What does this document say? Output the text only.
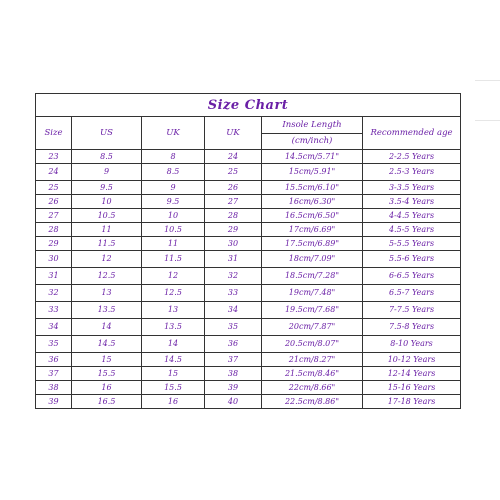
Size Chart					
Size	US	UK	UK	Insole Length	Recommended age
				(cm/inch)	
23	8.5	8	24	14.5cm/5.71"	2-2.5 Years
24	9	8.5	25	15cm/5.91"	2.5-3 Years
25	9.5	9	26	15.5cm/6.10"	3-3.5 Years
26	10	9.5	27	16cm/6.30"	3.5-4 Years
27	10.5	10	28	16.5cm/6.50"	4-4.5 Years
28	11	10.5	29	17cm/6.69"	4.5-5 Years
29	11.5	11	30	17.5cm/6.89"	5-5.5 Years
30	12	11.5	31	18cm/7.09"	5.5-6 Years
31	12.5	12	32	18.5cm/7.28"	6-6.5 Years
32	13	12.5	33	19cm/7.48"	6.5-7 Years
33	13.5	13	34	19.5cm/7.68"	7-7.5 Years
34	14	13.5	35	20cm/7.87"	7.5-8 Years
35	14.5	14	36	20.5cm/8.07"	8-10 Years
36	15	14.5	37	21cm/8.27"	10-12 Years
37	15.5	15	38	21.5cm/8.46"	12-14 Years
38	16	15.5	39	22cm/8.66"	15-16 Years
39	16.5	16	40	22.5cm/8.86"	17-18 Years
